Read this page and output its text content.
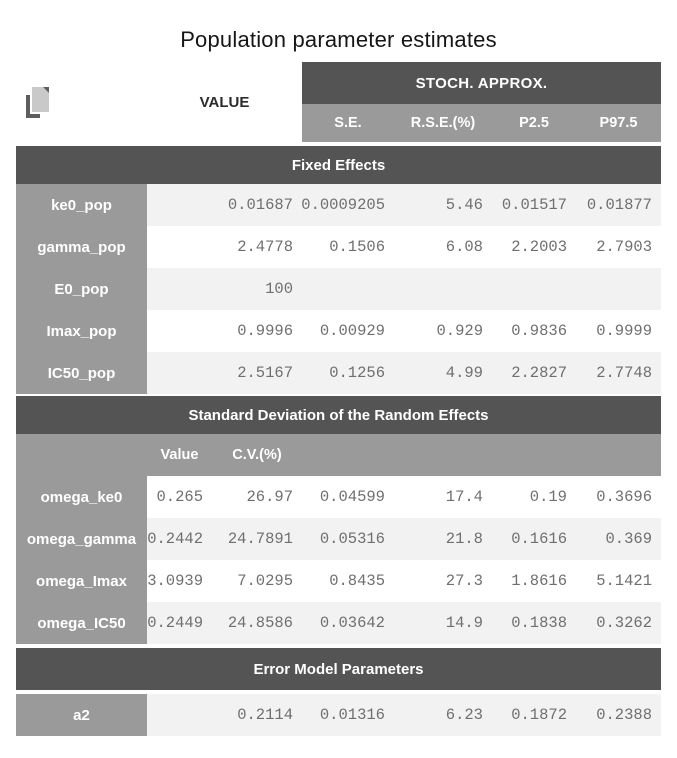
Population parameter estimates
VALUE
STOCH. APPROX.
S.E.	R.S.E.(%)	P2.5	P97.5
Fixed Effects
ke0_pop	0.01687 0.0009205	5.46	0.01517	0.01877
gamma_pop	2.4778	0.1506	6.08	2.2003	2.7903
E0_pop	100
Imax_pop	0.9996	0.00929	0.929	0.9836	0.9999
IC50_pop	2.5167	0.1256	4.99	2.2827	2.7748
Standard Deviation of the Random Effects
Value	C.V.(%)
omega_ke0	0.265	26.97	0.04599	17.4	0.19	0.3696
omega_gamma 0.2442	24.7891	0.05316	21.8	0.1616	0.369
omega_Imax	3.0939	7.0295	0.8435	27.3	1.8616	5.1421
omega_IC50	0.2449	24.8586	0.03642	14.9	0.1838	0.3262
Error Model Parameters
a2	0.2114	0.01316	6.23	0.1872	0.2388
